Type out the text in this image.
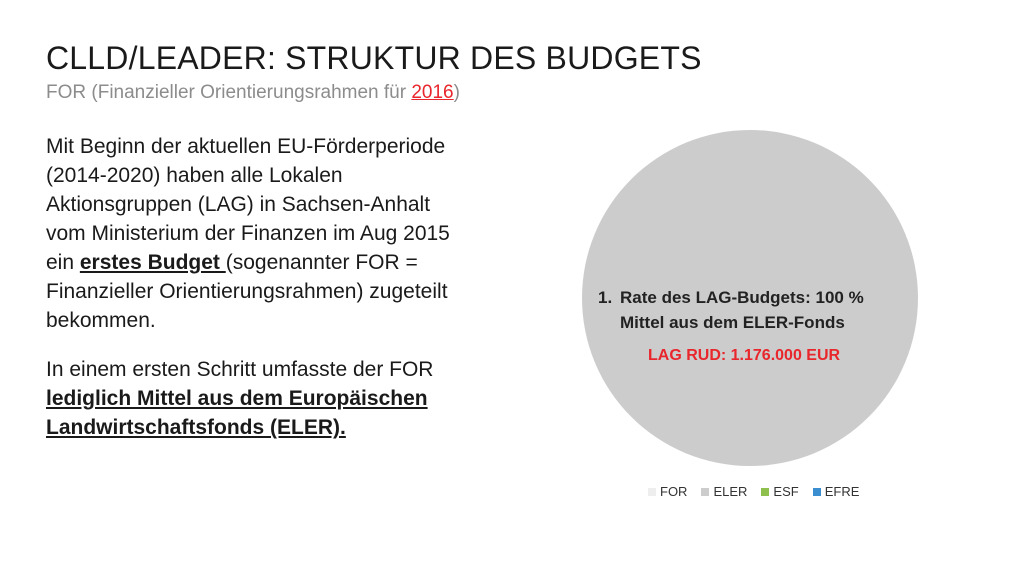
CLLD/LEADER: STRUKTUR DES BUDGETS
FOR (Finanzieller Orientierungsrahmen für 2016)

Mit Beginn der aktuellen EU-Förderperiode (2014-2020) haben alle Lokalen Aktionsgruppen (LAG) in Sachsen-Anhalt vom Ministerium der Finanzen im Aug 2015 ein erstes Budget (sogenannter FOR = Finanzieller Orientierungsrahmen) zugeteilt bekommen.

In einem ersten Schritt umfasste der FOR lediglich Mittel aus dem Europäischen Landwirtschaftsfonds (ELER).

1. Rate des LAG-Budgets: 100 %
Mittel aus dem ELER-Fonds
LAG RUD: 1.176.000 EUR
FOR ELER ESF EFRE
